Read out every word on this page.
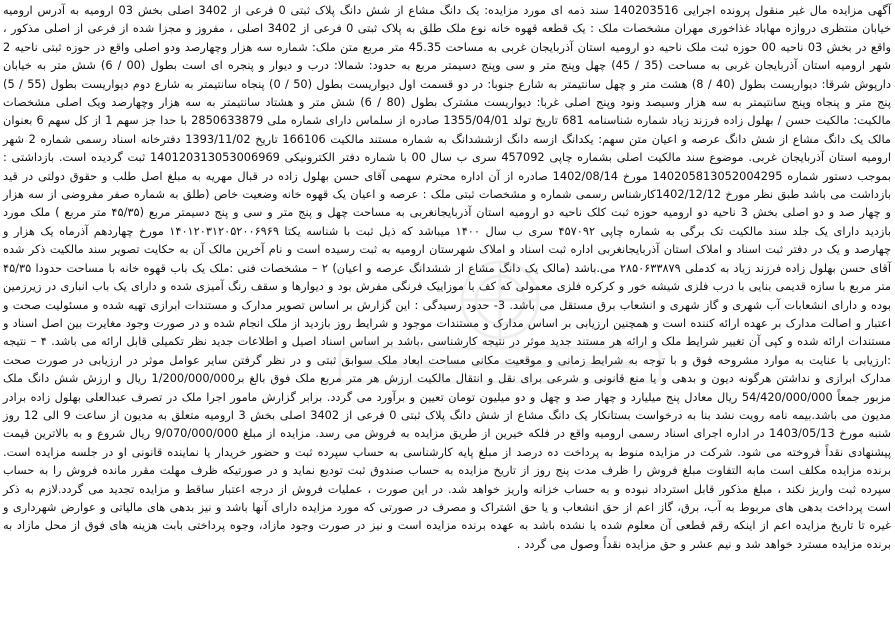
آگهی مزایده مال غیر منقول پرونده اجرایی 140203516 سند ذمه ای مورد مزایده: یک دانگ مشاع از شش دانگ پلاک ثبتی 0 فرعی از 3402 اصلی بخش 03 ارومیه به آدرس ارومیه خیابان منتظری دروازه مهاباد غذاخوری مهران مشخصات ملک : یک قطعه قهوه خانه نوع ملک طلق به پلاک ثبتی 0 فرعی از 3402 اصلی ، مفروز و مجزا شده از فرعی از اصلی مذکور ، واقع در بخش 03 ناحیه 00 حوزه ثبت ملک ناحیه دو ارومیه استان آذربایجان غربی به مساحت 45.35 متر مربع متن ملک: شماره سه هزار وچهارصد ودو اصلی واقع در حوزه ثبتی ناحیه 2 شهر ارومیه استان آذربایجان غربی به مساحت (35 / 45) چهل وپنج متر و سی وپنج دسیمتر مربع به حدود: شمالا: درب و دیوار و پنجره ای است بطول (00 / 6) شش متر به خیابان دارپوش شرقا: دیواریست بطول (40 / 8) هشت متر و چهل سانتیمتر به شارع جنوبا: در دو قسمت اول دیواریست بطول (50 / 0) پنجاه سانتیمتر به شارع دوم دیواریست بطول (55 / 5) پنج متر و پنجاه وپنج سانتیمتر به سه هزار وسیصد ونود وپنج اصلی غربا: دیواریست مشترک بطول (80 / 6) شش متر و هشتاد سانتیمتر به سه هزار وچهارصد ویک اصلی مشخصات مالکیت: مالکیت حسن / بهلول زاده فرزند زیاد شماره شناسنامه 681 تاریخ تولد 1355/04/01 صادره از سلماس دارای شماره ملی 2850633879 با حدا جز سهم 1 از کل سهم 6 بعنوان مالک یک دانگ مشاع از شش دانگ عرصه و اعیان متن سهم: یکدانگ ازسه دانگ ازششدانگ به شماره مستند مالکیت 166106 تاریخ 1393/11/02 دفترخانه اسناد رسمی شماره 2 شهر ارومیه استان آذربایجان غربی. موضوع سند مالکیت اصلی بشماره چاپی 457092 سری ب سال 00 با شماره دفتر الکترونیکی 140120313053006969 ثبت گردیده است. بازداشتی : بموجب دستور شماره 140205813052004295 مورخ 1402/08/14 صادره از آن اداره محترم سهمی آقای حسن بهلول زاده در قبال مهریه به مبلغ اصل طلب و حقوق دولتی در قید بازداشت می باشد طبق نظر مورخ 1402/12/12کارشناس رسمی شماره و مشخصات ثبتی ملک : عرصه و اعیان یک قهوه خانه وضعیت خاص (طلق به شماره صفر مفروضی از سه هزار و چهار صد و دو اصلی بخش 3 ناحیه دو ارومیه حوزه ثبت کلک ناحیه دو ارومیه استان آذربایجانغربی به مساحت چهل و پنج متر و سی و پنج دسیمتر مربع (۴۵/۳۵ متر مربع ) ملک مورد بازدید دارای یک جلد سند مالکیت تک برگی به شماره چاپی ۴۵۷۰۹۲ سری ب سال ۱۴۰۰ میباشد که ذیل ثبت با شناسه یکتا ۱۴۰۱۲۰۳۱۲۰۵۲۰۰۶۹۶۹ مورخ چهاردهم آذرماه یک هزار و چهارصد و یک در دفتر ثبت اسناد و املاک استان آذربایجانغربی اداره ثبت اسناد و املاک شهرستان ارومیه به ثبت رسیده است و نام آخرین مالک آن به حکایت تصویر سند مالکیت ذکر شده آقای حسن بهلول زاده فرزند زیاد به کدملی ۲۸۵۰۶۳۳۸۷۹ می.باشد (مالک یک دانگ مشاع از ششدانگ عرصه و اعیان) ۲ – مشخصات فنی :ملک یک باب قهوه خانه با مساحت حدودا ۴۵/۳۵ متر مربع با سازه قدیمی بنایی با درب فلزی شیشه خور و کرکره فلزی معمولی که کف با موزاییک فرنگی مفرش بود و دیوارها و سقف رنگ آمیزی شده و دارای یک باب انباری در زیرزمین بوده و دارای انشعابات آب شهری و گاز شهری و انشعاب برق مستقل می باشد. 3- حدود رسیدگی : این گزارش بر اساس تصویر مدارک و مستندات ابرازی تهیه شده و مسئولیت صحت و اعتبار و اصالت مدارک بر عهده ارائه کننده است و همچنین ارزیابی بر اساس مدارک و مستندات موجود و شرایط روز بازدید از ملک انجام شده و در صورت وجود مغایرت بین اصل اسناد و مستندات ارائه شده و کپی آن تغییر شرایط ملک و ارائه هر مستند جدید موثر در نتیجه کارشناسی ،باشد بر اساس اسناد اصیل و اطلاعات جدید نظر تکمیلی قابل ارائه می باشد. ۴ – نتیجه :ارزیابی با عنایت به موارد مشروحه فوق و با توجه به شرایط زمانی و موقعیت مکانی مساحت ابعاد ملک سوابق ثبتی و در نظر گرفتن سایر عوامل موثر در ارزیابی در صورت صحت مدارک ابرازی و نداشتن هرگونه دیون و بدهی و یا منع قانونی و شرعی برای نقل و انتقال مالکیت ارزش هر متر مربع ملک فوق بالغ بر1/200/000/000 ریال و ارزش شش دانگ ملک مزبور جمعاً 54/420/000/000 ریال معادل پنج میلیارد و چهار صد و چهل و دو میلیون تومان تعیین و برآورد می گردد. برابر گزارش مامور اجرا ملک در تصرف عبدالعلی بهلول زاده برادر مدیون می باشد.بیمه نامه رویت نشد بنا به درخواست بستانکار یک دانگ مشاع از شش دانگ پلاک ثبتی 0 فرعی از 3402 اصلی بخش 3 ارومیه متعلق به مدیون از ساعت 9 الی 12 روز شنبه مورخ 1403/05/13 در اداره اجرای اسناد رسمی ارومیه واقع در فلکه خیرین از طریق مزایده به فروش می رسد. مزایده از مبلغ 9/070/000/000 ریال شروع و به بالاترین قیمت پیشنهادی نقداً فروخته می شود. شرکت در مزایده منوط به پرداخت ده درصد از مبلغ پایه کارشناسی به حساب سپرده ثبت و حضور خریدار یا نماینده قانونی او در جلسه مزایده است. برنده مزایده مکلف است مابه التفاوت مبلغ فروش را ظرف مدت پنج روز از تاریخ مزایده به حساب صندوق ثبت تودیع نماید و در صورتیکه ظرف مهلت مقرر مانده فروش را به حساب سپرده ثبت واریز نکند ، مبلغ مذکور قابل استرداد نبوده و به حساب خزانه واریز خواهد شد. در این صورت ، عملیات فروش از درجه اعتبار ساقط و مزایده تجدید می گردد.لازم به ذکر است پرداخت بدهی های مربوط به آب، برق، گاز اعم از حق انشعاب و یا حق اشتراک و مصرف در صورتی که مورد مزایده دارای آنها باشد و نیز بدهی های مالیاتی و عوارض شهرداری و غیره تا تاریخ مزایده اعم از اینکه رقم قطعی آن معلوم شده یا نشده باشد به عهده برنده مزایده است و نیز در صورت وجود مازاد، وجوه پرداختی بابت هزینه های فوق از محل مازاد به برنده مزایده مسترد خواهد شد و نیم عشر و حق مزایده نقداً وصول می گردد .
